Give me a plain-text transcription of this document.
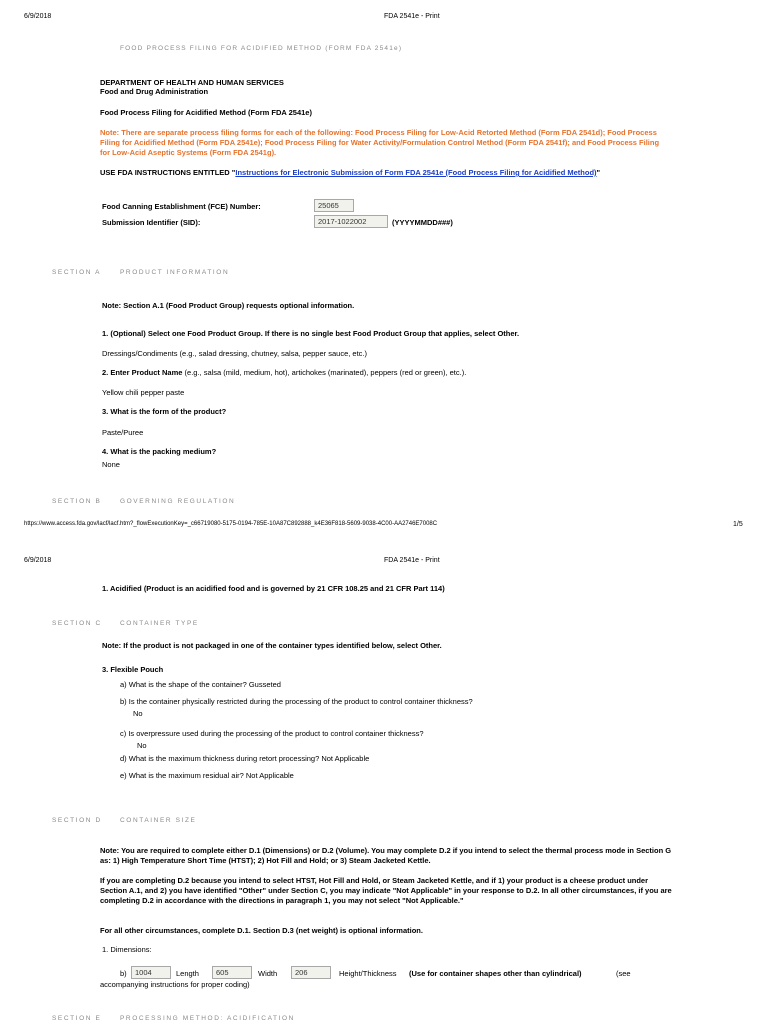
6/9/2018	FDA 2541e - Print
FOOD PROCESS FILING FOR ACIDIFIED METHOD (FORM FDA 2541e)
DEPARTMENT OF HEALTH AND HUMAN SERVICES
Food and Drug Administration
Food Process Filing for Acidified Method (Form FDA 2541e)
Note: There are separate process filing forms for each of the following: Food Process Filing for Low-Acid Retorted Method (Form FDA 2541d); Food Process Filing for Acidified Method (Form FDA 2541e); Food Process Filing for Water Activity/Formulation Control Method (Form FDA 2541f); and Food Process Filing for Low-Acid Aseptic Systems (Form FDA 2541g).
USE FDA INSTRUCTIONS ENTITLED "Instructions for Electronic Submission of Form FDA 2541e (Food Process Filing for Acidified Method)"
Food Canning Establishment (FCE) Number:	25065
Submission Identifier (SID):	2017-1022002	(YYYYMMDD###)
SECTION A	PRODUCT INFORMATION
Note: Section A.1 (Food Product Group) requests optional information.
1. (Optional) Select one Food Product Group. If there is no single best Food Product Group that applies, select Other.
Dressings/Condiments (e.g., salad dressing, chutney, salsa, pepper sauce, etc.)
2. Enter Product Name (e.g., salsa (mild, medium, hot), artichokes (marinated), peppers (red or green), etc.).
Yellow chili pepper paste
3. What is the form of the product?
Paste/Puree
4. What is the packing medium?
None
SECTION B	GOVERNING REGULATION
https://www.access.fda.gov/lacf/lacf.htm?_flowExecutionKey=_c66719080-5175-0194-785E-10A87C892888_k4E36F818-5609-9038-4C00-AA2746E7008C	1/5
6/9/2018	FDA 2541e - Print
1. Acidified (Product is an acidified food and is governed by 21 CFR 108.25 and 21 CFR Part 114)
SECTION C	CONTAINER TYPE
Note: If the product is not packaged in one of the container types identified below, select Other.
3. Flexible Pouch
a) What is the shape of the container? Gusseted
b) Is the container physically restricted during the processing of the product to control container thickness?
No
c) Is overpressure used during the processing of the product to control container thickness?
No
d) What is the maximum thickness during retort processing? Not Applicable
e) What is the maximum residual air? Not Applicable
SECTION D	CONTAINER SIZE
Note: You are required to complete either D.1 (Dimensions) or D.2 (Volume). You may complete D.2 if you intend to select the thermal process mode in Section G as: 1) High Temperature Short Time (HTST); 2) Hot Fill and Hold; or 3) Steam Jacketed Kettle.
If you are completing D.2 because you intend to select HTST, Hot Fill and Hold, or Steam Jacketed Kettle, and if 1) your product is a cheese product under Section A.1, and 2) you have identified "Other" under Section C, you may indicate "Not Applicable" in your response to D.2. In all other circumstances, if you are completing D.2 in accordance with the directions in paragraph 1, you may not select "Not Applicable."
For all other circumstances, complete D.1. Section D.3 (net weight) is optional information.
1. Dimensions:
b)	1004	Length	605	Width	206	Height/Thickness (Use for container shapes other than cylindrical)	(see
accompanying instructions for proper coding)
SECTION E	PROCESSING METHOD: ACIDIFICATION
